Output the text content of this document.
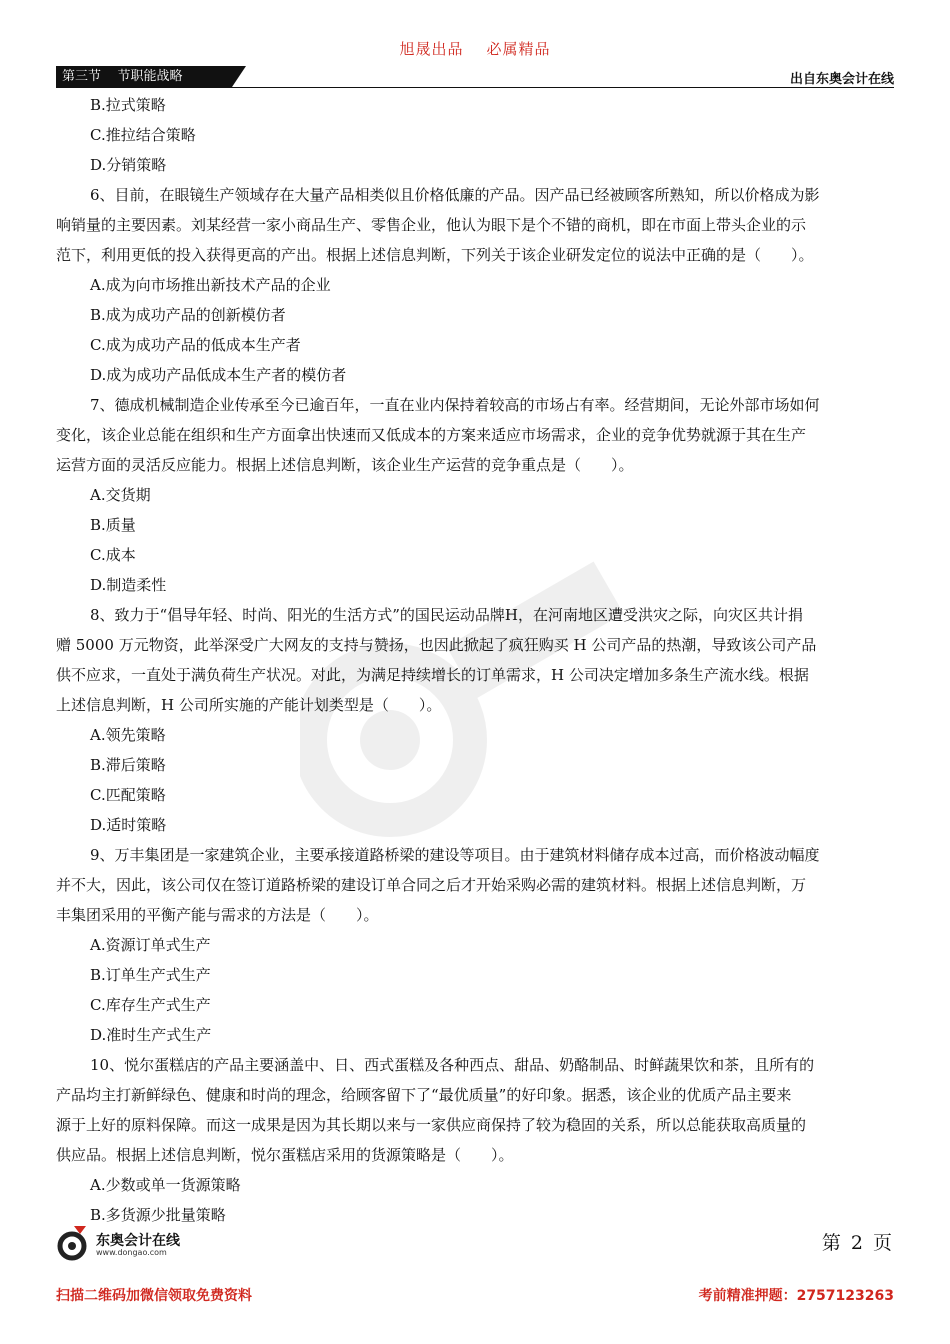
旭晟出品    必属精品
第三节    节职能战略	出自东奥会计在线

B.拉式策略

C.推拉结合策略

D.分销策略

6、目前，在眼镜生产领域存在大量产品相类似且价格低廉的产品。因产品已经被顾客所熟知，所以价格成为影

响销量的主要因素。刘某经营一家小商品生产、零售企业，他认为眼下是个不错的商机，即在市面上带头企业的示

范下，利用更低的投入获得更高的产出。根据上述信息判断，下列关于该企业研发定位的说法中正确的是（　　）。

A.成为向市场推出新技术产品的企业

B.成为成功产品的创新模仿者

C.成为成功产品的低成本生产者

D.成为成功产品低成本生产者的模仿者

7、德成机械制造企业传承至今已逾百年，一直在业内保持着较高的市场占有率。经营期间，无论外部市场如何

变化，该企业总能在组织和生产方面拿出快速而又低成本的方案来适应市场需求，企业的竞争优势就源于其在生产

运营方面的灵活反应能力。根据上述信息判断，该企业生产运营的竞争重点是（　　）。

A.交货期

B.质量

C.成本

D.制造柔性

8、致力于“倡导年轻、时尚、阳光的生活方式”的国民运动品牌H，在河南地区遭受洪灾之际，向灾区共计捐

赠 5000 万元物资，此举深受广大网友的支持与赞扬，也因此掀起了疯狂购买 H 公司产品的热潮，导致该公司产品

供不应求，一直处于满负荷生产状况。对此，为满足持续增长的订单需求，H 公司决定增加多条生产流水线。根据

上述信息判断，H 公司所实施的产能计划类型是（　　）。

A.领先策略

B.滞后策略

C.匹配策略

D.适时策略

9、万丰集团是一家建筑企业，主要承接道路桥梁的建设等项目。由于建筑材料储存成本过高，而价格波动幅度

并不大，因此，该公司仅在签订道路桥梁的建设订单合同之后才开始采购必需的建筑材料。根据上述信息判断，万

丰集团采用的平衡产能与需求的方法是（　　）。

A.资源订单式生产

B.订单生产式生产

C.库存生产式生产

D.准时生产式生产

10、悦尔蛋糕店的产品主要涵盖中、日、西式蛋糕及各种西点、甜品、奶酪制品、时鲜蔬果饮和茶，且所有的

产品均主打新鲜绿色、健康和时尚的理念，给顾客留下了“最优质量”的好印象。据悉，该企业的优质产品主要来

源于上好的原料保障。而这一成果是因为其长期以来与一家供应商保持了较为稳固的关系，所以总能获取高质量的

供应品。根据上述信息判断，悦尔蛋糕店采用的货源策略是（　　）。

A.少数或单一货源策略

B.多货源少批量策略

东奥会计在线
www.dongao.com	第 2 页
扫描二维码加微信领取免费资料	考前精准押题：2757123263
